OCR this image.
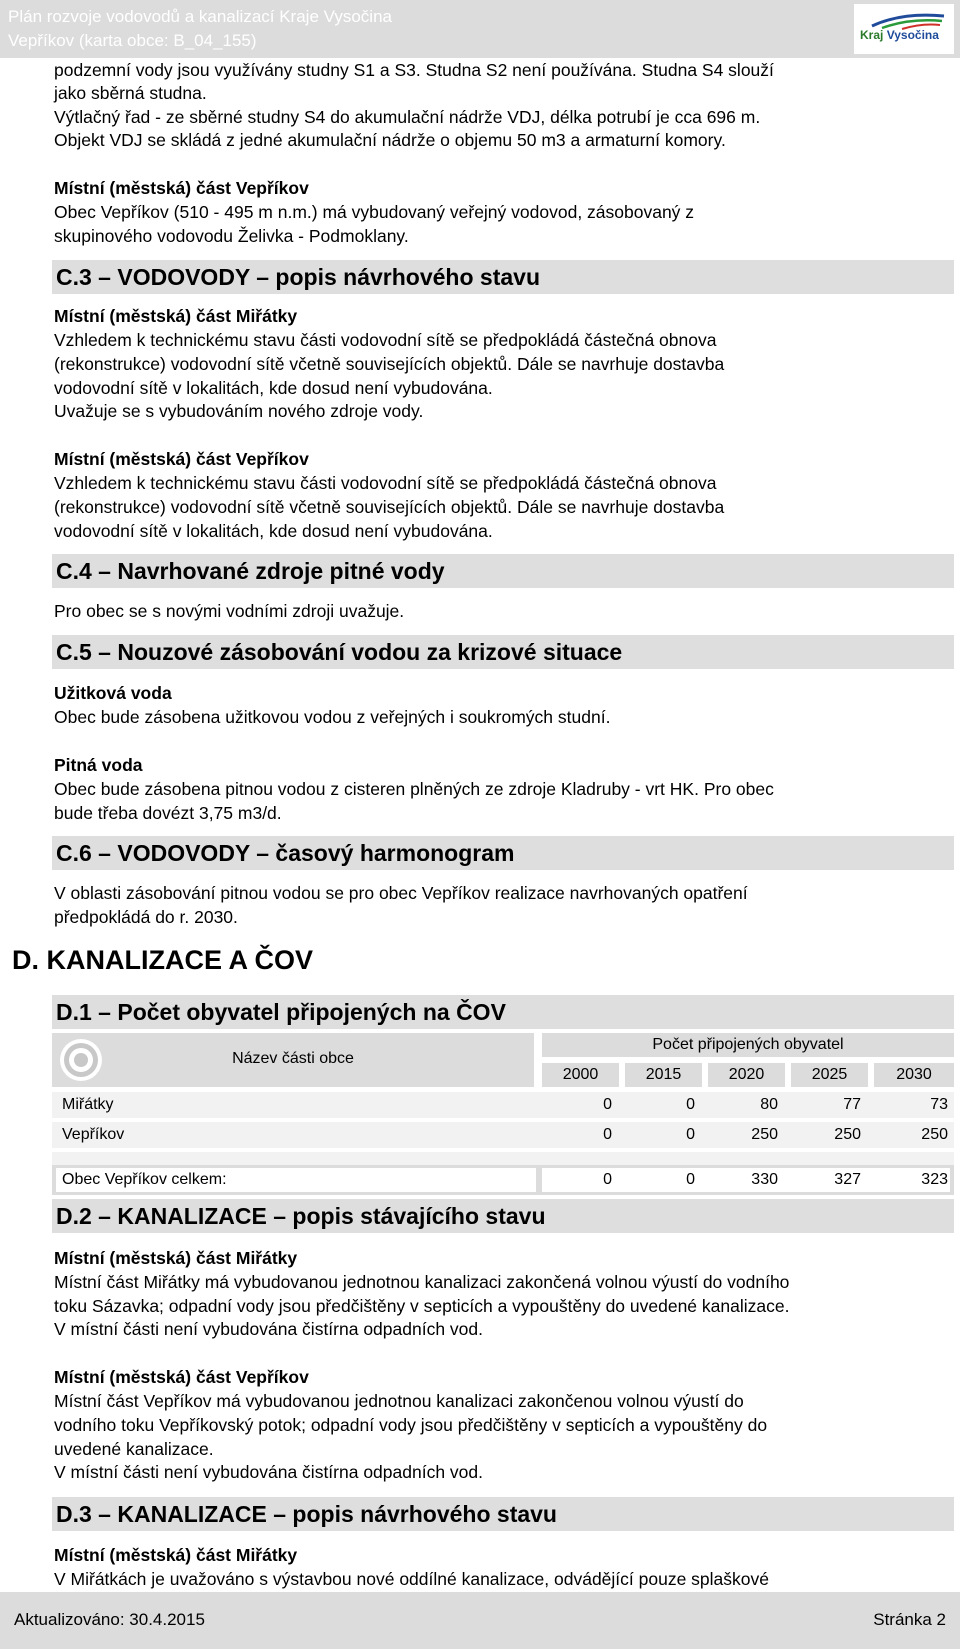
Plán rozvoje vodovodů a kanalizací Kraje Vysočina
Vepříkov (karta obce: B_04_155)	Kraj Vysočina
podzemní vody jsou využívány studny S1 a S3. Studna S2 není používána. Studna S4 slouží
jako sběrná studna.
Výtlačný řad - ze sběrné studny S4 do akumulační nádrže VDJ, délka potrubí je cca 696 m.
Objekt VDJ se skládá z jedné akumulační nádrže o objemu 50 m3 a armaturní komory.
Místní (městská) část Vepříkov
Obec Vepříkov (510 - 495 m n.m.) má vybudovaný veřejný vodovod, zásobovaný z
skupinového vodovodu Želivka - Podmoklany.
C.3 – VODOVODY – popis návrhového stavu
Místní (městská) část Miřátky
Vzhledem k technickému stavu části vodovodní sítě se předpokládá částečná obnova
(rekonstrukce) vodovodní sítě včetně souvisejících objektů. Dále se navrhuje dostavba
vodovodní sítě v lokalitách, kde dosud není vybudována.
Uvažuje se s vybudováním nového zdroje vody.
Místní (městská) část Vepříkov
Vzhledem k technickému stavu části vodovodní sítě se předpokládá částečná obnova
(rekonstrukce) vodovodní sítě včetně souvisejících objektů. Dále se navrhuje dostavba
vodovodní sítě v lokalitách, kde dosud není vybudována.
C.4 – Navrhované zdroje pitné vody
Pro obec se s novými vodními zdroji uvažuje.
C.5 – Nouzové zásobování vodou za krizové situace
Užitková voda
Obec bude zásobena užitkovou vodou z veřejných i soukromých studní.
Pitná voda
Obec bude zásobena pitnou vodou z cisteren plněných ze zdroje Kladruby - vrt HK. Pro obec
bude třeba dovézt 3,75 m3/d.
C.6 – VODOVODY – časový harmonogram
V oblasti zásobování pitnou vodou se pro obec Vepříkov realizace navrhovaných opatření
předpokládá do r. 2030.
D. KANALIZACE A ČOV
D.1 – Počet obyvatel připojených na ČOV
Název části obce
Počet připojených obyvatel
2000	2015	2020	2025	2030
Miřátky	0	0	80	77	73
Vepříkov	0	0	250	250	250
Obec Vepříkov celkem:	0	0	330	327	323
D.2 – KANALIZACE – popis stávajícího stavu
Místní (městská) část Miřátky
Místní část Miřátky má vybudovanou jednotnou kanalizaci zakončená volnou výustí do vodního
toku Sázavka; odpadní vody jsou předčištěny v septicích a vypouštěny do uvedené kanalizace.
V místní části není vybudována čistírna odpadních vod.
Místní (městská) část Vepříkov
Místní část Vepříkov má vybudovanou jednotnou kanalizaci zakončenou volnou výustí do
vodního toku Vepříkovský potok; odpadní vody jsou předčištěny v septicích a vypouštěny do
uvedené kanalizace.
V místní části není vybudována čistírna odpadních vod.
D.3 – KANALIZACE – popis návrhového stavu
Místní (městská) část Miřátky
V Miřátkách je uvažováno s výstavbou nové oddílné kanalizace, odvádějící pouze splaškové
Aktualizováno: 30.4.2015	Stránka 2
